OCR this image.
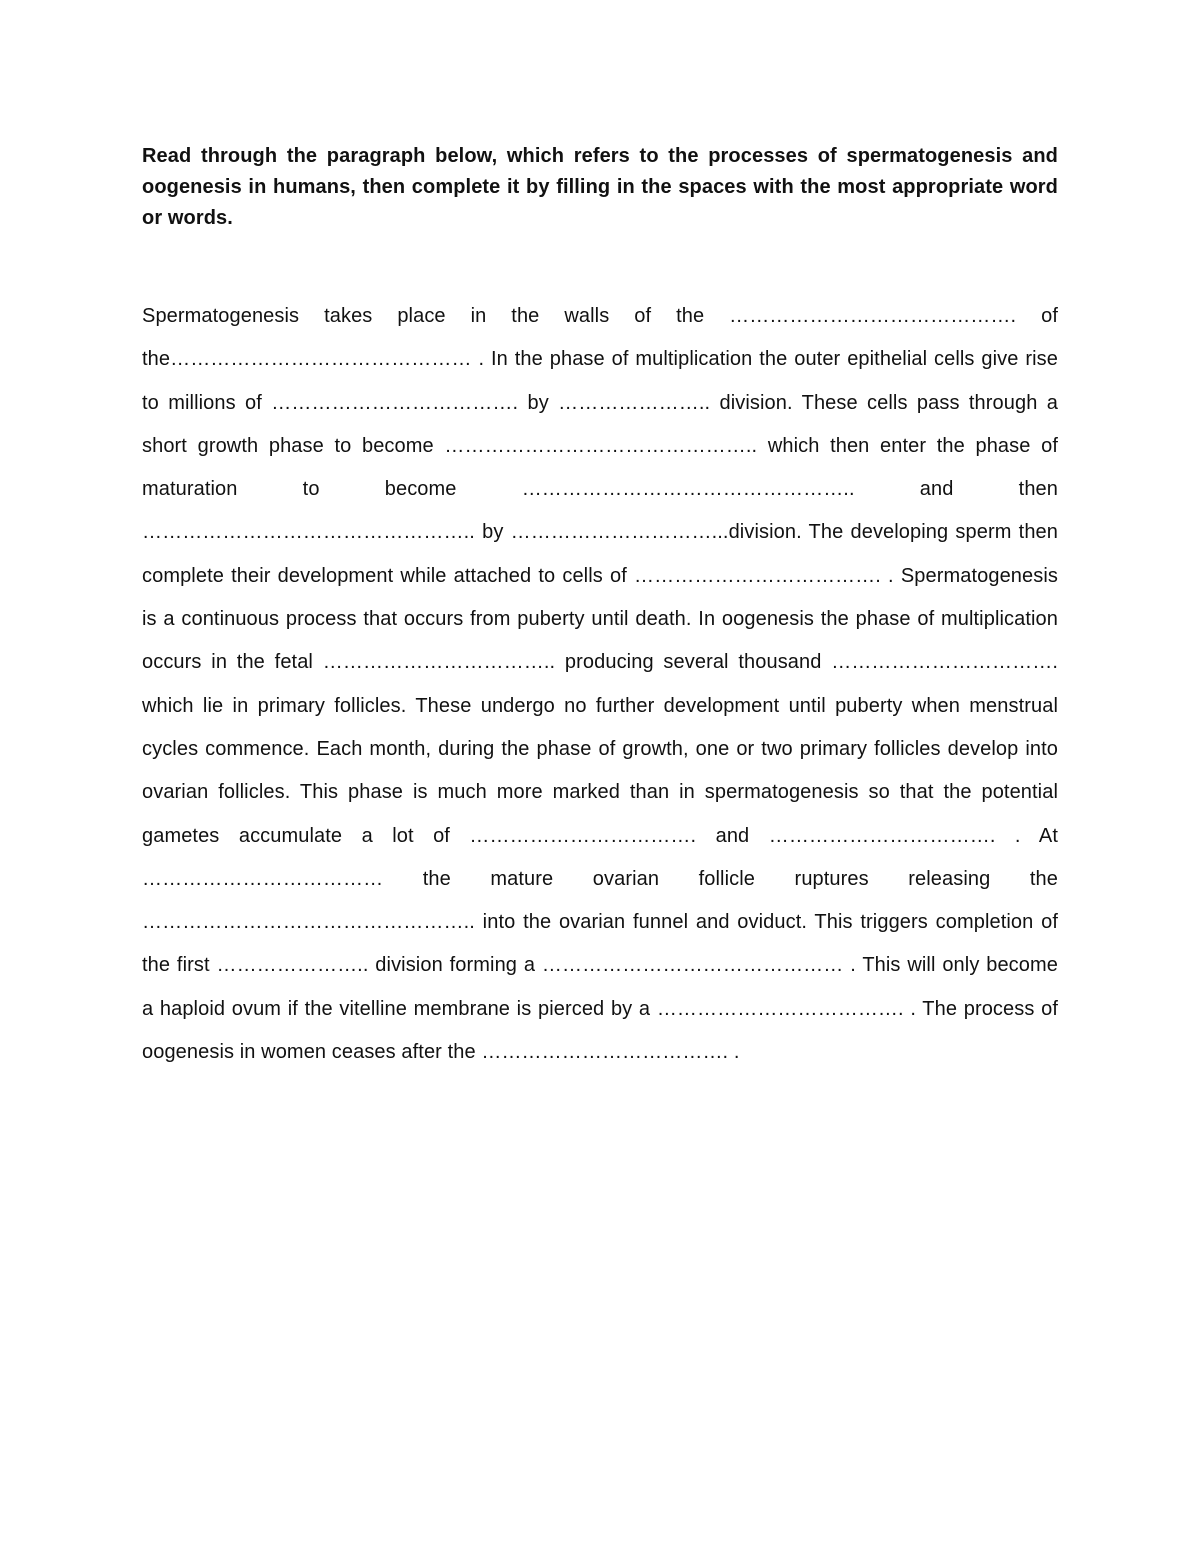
Read through the paragraph below, which refers to the processes of spermatogenesis and oogenesis in humans, then complete it by filling in the spaces with the most appropriate word or words.
Spermatogenesis takes place in the walls of the ……………………………………. of the……………………………………… . In the phase of multiplication the outer epithelial cells give rise to millions of ………………………………. by ………………….. division. These cells pass through a short growth phase to become ……………………………………….. which then enter the phase of maturation to become ………………………………………….. and then ………………………………………….. by …………………………...division. The developing sperm then complete their development while attached to cells of ………………………………. . Spermatogenesis is a continuous process that occurs from puberty until death. In oogenesis the phase of multiplication occurs in the fetal …………………………….. producing several thousand ……………………………. which lie in primary follicles. These undergo no further development until puberty when menstrual cycles commence. Each month, during the phase of growth, one or two primary follicles develop into ovarian follicles. This phase is much more marked than in spermatogenesis so that the potential gametes accumulate a lot of ……………………………. and ……………………………. . At ……………………………… the mature ovarian follicle ruptures releasing the ………………………………………….. into the ovarian funnel and oviduct. This triggers completion of the first ………………….. division forming a ……………………………………… . This will only become a haploid ovum if the vitelline membrane is pierced by a ………………………………. . The process of oogenesis in women ceases after the ………………………………. .
